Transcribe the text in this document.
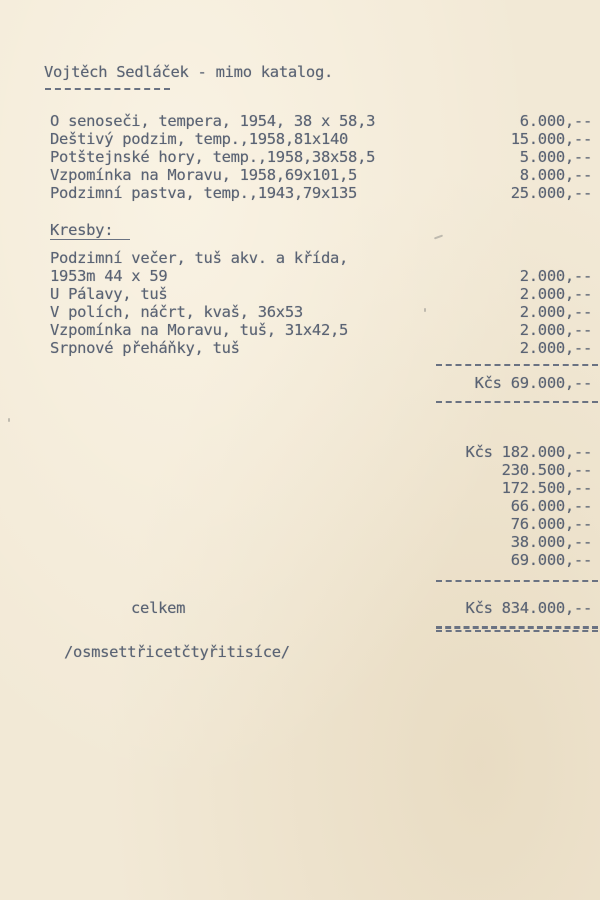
Vojtěch Sedláček - mimo katalog.
O senoseči, tempera, 1954, 38 x 58,3	6.000,--
Deštivý podzim, temp.,1958,81x140	15.000,--
Potštejnské hory, temp.,1958,38x58,5	5.000,--
Vzpomínka na Moravu, 1958,69x101,5	8.000,--
Podzimní pastva, temp.,1943,79x135	25.000,--
Kresby:
Podzimní večer, tuš akv. a křída,
1953m 44 x 59	2.000,--
U Pálavy, tuš	2.000,--
V polích, náčrt, kvaš, 36x53	2.000,--
Vzpomínka na Moravu, tuš, 31x42,5	2.000,--
Srpnové přeháňky, tuš	2.000,--
Kčs 69.000,--
Kčs 182.000,--
230.500,--
172.500,--
66.000,--
76.000,--
38.000,--
69.000,--
celkem	Kčs 834.000,--
/osmsettřicetčtyřitisíce/
